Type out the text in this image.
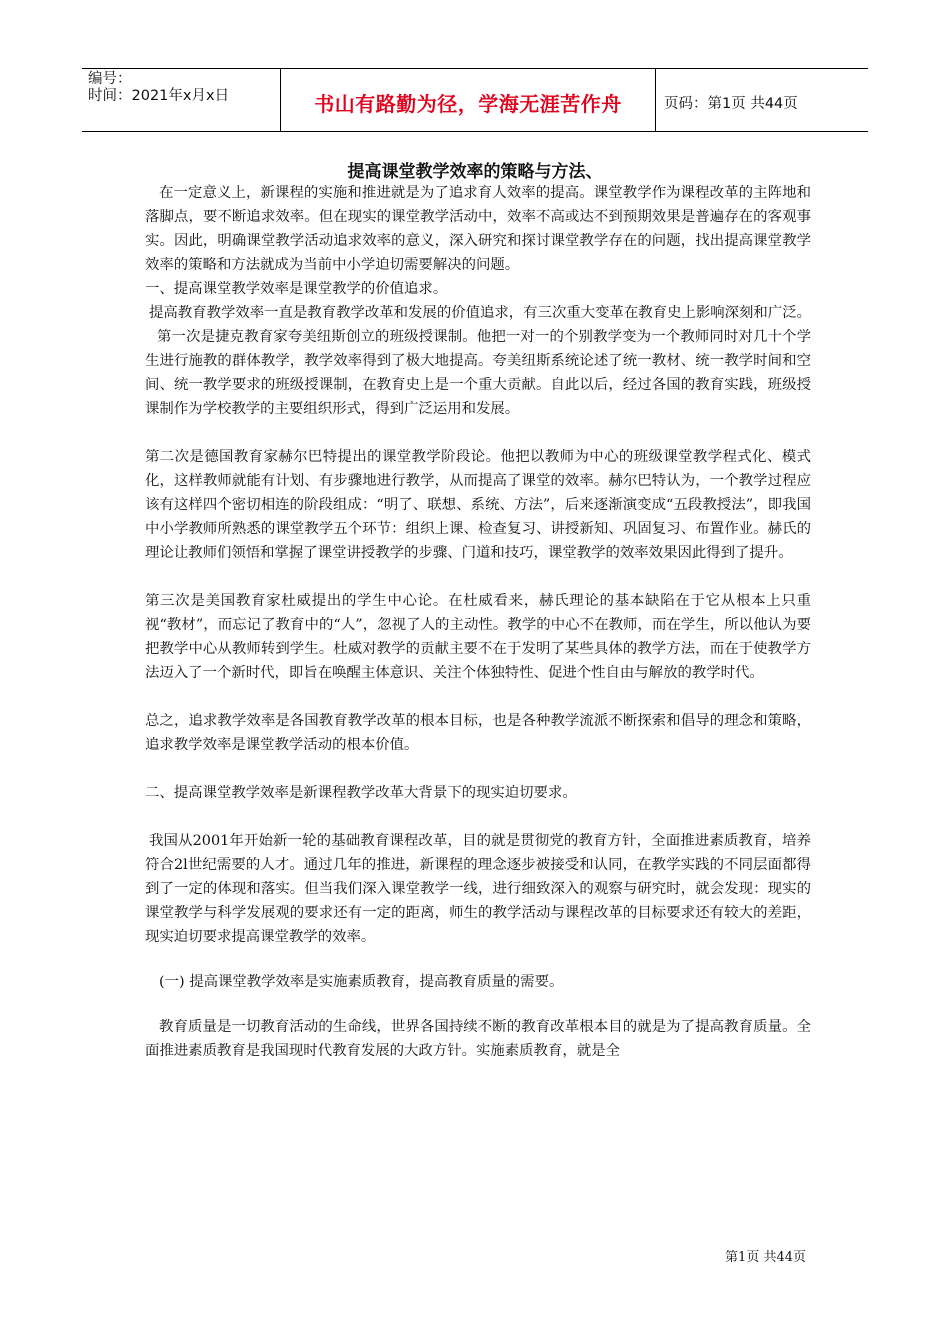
编号：
时间：2021年x月x日	书山有路勤为径，学海无涯苦作舟	页码：第1页 共44页
提高课堂教学效率的策略与方法、

在一定意义上，新课程的实施和推进就是为了追求育人效率的提高。课堂教学作为课程改革的主阵地和落脚点，要不断追求效率。但在现实的课堂教学活动中，效率不高或达不到预期效果是普遍存在的客观事实。因此，明确课堂教学活动追求效率的意义，深入研究和探讨课堂教学存在的问题，找出提高课堂教学效率的策略和方法就成为当前中小学迫切需要解决的问题。

一、提高课堂教学效率是课堂教学的价值追求。

提高教育教学效率一直是教育教学改革和发展的价值追求，有三次重大变革在教育史上影响深刻和广泛。

第一次是捷克教育家夸美纽斯创立的班级授课制。他把一对一的个别教学变为一个教师同时对几十个学生进行施教的群体教学，教学效率得到了极大地提高。夸美纽斯系统论述了统一教材、统一教学时间和空间、统一教学要求的班级授课制，在教育史上是一个重大贡献。自此以后，经过各国的教育实践，班级授课制作为学校教学的主要组织形式，得到广泛运用和发展。

第二次是德国教育家赫尔巴特提出的课堂教学阶段论。他把以教师为中心的班级课堂教学程式化、模式化，这样教师就能有计划、有步骤地进行教学，从而提高了课堂的效率。赫尔巴特认为，一个教学过程应该有这样四个密切相连的阶段组成：“明了、联想、系统、方法”，后来逐渐演变成“五段教授法”，即我国中小学教师所熟悉的课堂教学五个环节：组织上课、检查复习、讲授新知、巩固复习、布置作业。赫氏的理论让教师们领悟和掌握了课堂讲授教学的步骤、门道和技巧，课堂教学的效率效果因此得到了提升。

第三次是美国教育家杜威提出的学生中心论。在杜威看来，赫氏理论的基本缺陷在于它从根本上只重视“教材”，而忘记了教育中的“人”，忽视了人的主动性。教学的中心不在教师，而在学生，所以他认为要把教学中心从教师转到学生。杜威对教学的贡献主要不在于发明了某些具体的教学方法，而在于使教学方法迈入了一个新时代，即旨在唤醒主体意识、关注个体独特性、促进个性自由与解放的教学时代。

总之，追求教学效率是各国教育教学改革的根本目标，也是各种教学流派不断探索和倡导的理念和策略，追求教学效率是课堂教学活动的根本价值。

二、提高课堂教学效率是新课程教学改革大背景下的现实迫切要求。

我国从2001年开始新一轮的基础教育课程改革，目的就是贯彻党的教育方针，全面推进素质教育，培养符合2l世纪需要的人才。通过几年的推进，新课程的理念逐步被接受和认同，在教学实践的不同层面都得到了一定的体现和落实。但当我们深入课堂教学一线，进行细致深入的观察与研究时，就会发现：现实的课堂教学与科学发展观的要求还有一定的距离，师生的教学活动与课程改革的目标要求还有较大的差距，现实迫切要求提高课堂教学的效率。

(一) 提高课堂教学效率是实施素质教育，提高教育质量的需要。

教育质量是一切教育活动的生命线，世界各国持续不断的教育改革根本目的就是为了提高教育质量。全面推进素质教育是我国现时代教育发展的大政方针。实施素质教育，就是全

第1页 共44页
